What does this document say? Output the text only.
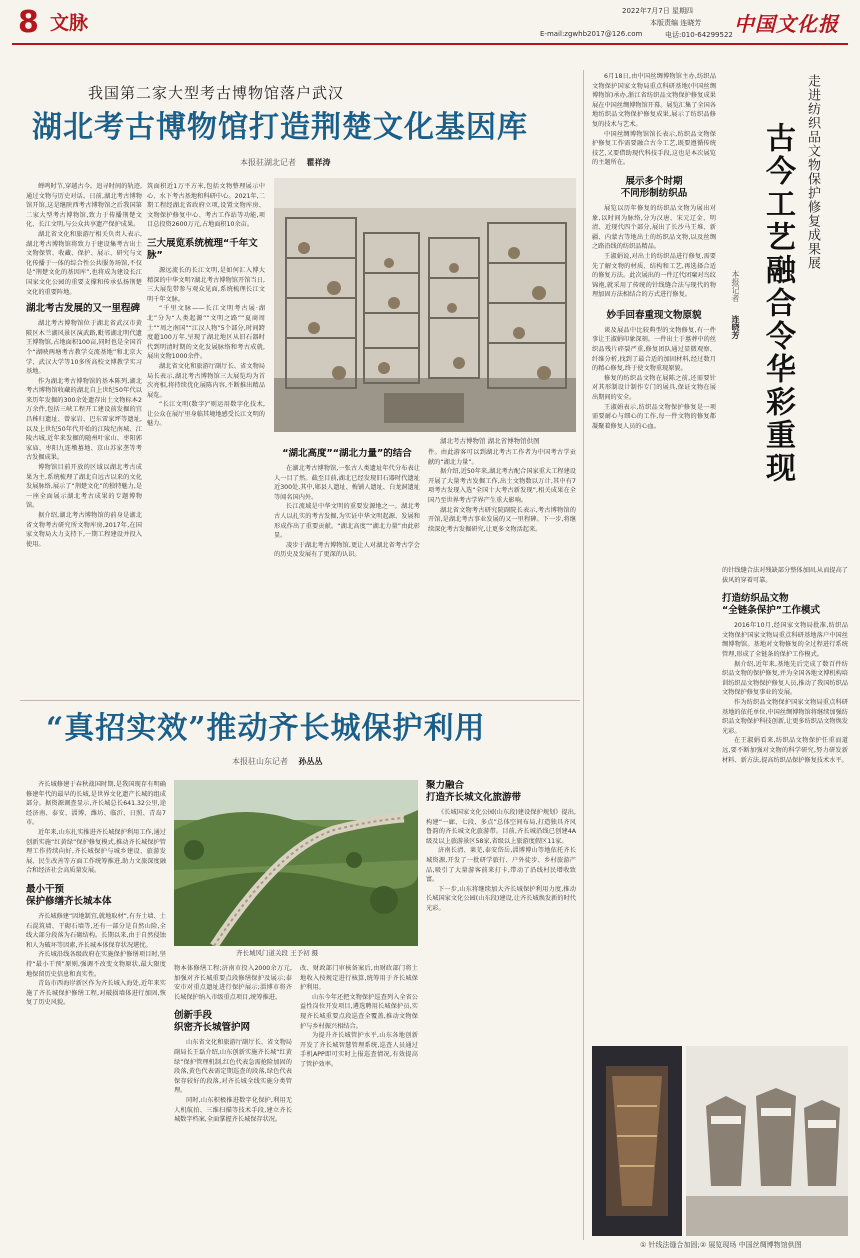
8 文脉
2022年7月7日 星期四
本版责编 连晓芳
E-mail:zgwhb2017@126.com	电话:010-64299522 中国文化报
我国第二家大型考古博物馆落户武汉
湖北考古博物馆打造荆楚文化基因库
本报驻湖北记者 瞿祥涛
蝉鸣时节,穿越古今。追寻时间的轨迹,通过文物与历史对话。日前,湖北考古博物馆开馆,这是继陕西考古博物馆之后我国第二家大型考古博物馆,致力于传播荆楚文化、长江文明,与公众共享遗产保护成果。
湖北省文化和旅游厅相关负责人表示,湖北考古博物馆将致力于建设集考古出土文物保管、收藏、保护、展示、研究与文化传播于一体的综合性公共服务场馆,不仅是“荆楚文化的基因库”,也将成为建设长江国家文化公园的重要支撑和传承弘扬荆楚文化的重要阵地。
湖北考古发展的又一里程碑
湖北考古博物馆位于湖北省武汉市黄陂区木兰湖风景区演武路,毗邻湖北明代遗王博物馆,占地面积100亩,同时也是全国首个“湖映两塘考古教学交流基地”和北京大学、武汉大学等10多所高校文博教学实习基地。
作为湖北考古博物馆的基本陈列,湖北考古博物馆收藏的湖北自上世纪50年代以来历年发掘的300余处遗存出土文物标本2万余件,包括三峡工程开工建设前发掘的宜昌秭归遗址、曾家岩、巴东雷家坪等遗址,以及上世纪50年代开始的江陵纪南城、江陵古城,近年来发掘的随州叶家山、枣阳郭家庙、枣阳九连墩墓地、京山苏家垄等考古发掘成果。
博物馆目前开放的区域以湖北考古成果为主,系统梳理了湖北自远古以来的文化发展脉络,展示了“荆楚文化”的独特魅力,是一座全面展示湖北考古成果的专题博物馆。
据介绍,湖北考古博物馆的前身是湖北省文物考古研究所文物库房,2017年,在国家文物局大力支持下,一期工程建设并投入使用。
筑面积近1万平方米,包括文物整理展示中心、水下考古基地和科研中心。2021年,二期工程经湖北省政府立项,设置文物库房、文物保护修复中心、考古工作站等功能,项目总投资2600万元,占地面积10余亩。
三大展览系统梳理“千年文脉”
源远流长的长江文明,是如何汇入博大精深的中华文明?湖北考古博物馆开馆当日,三大展览带参与观众见面,系统梳理长江文明千年文脉。
“千里文脉——长江文明考古展·湖北”分为“人类起源”“文明之路”“夏商周土”“周之南国”“江汉人物”5个部分,时间跨度超100万年,呈现了湖北地区从旧石器时代到明清时期的文化发展脉络和考古成就,展出文物1000余件。
湖北省文化和旅游厅副厅长、省文物局局长表示,湖北考古博物馆三大展览均为首次亮相,将持续优化展陈内容,不断推出精品展览。
“长江文明(数字)”则运用数字化技术,让公众在展厅里身临其境地感受长江文明的魅力。
湖北考古博物馆 湖北省博物馆供图
“湖北高度”“湖北力量”的结合
在湖北考古博物馆,一张古人类遗址年代分布表让人一目了然。截至目前,湖北已经发现旧石器时代遗址近300处,其中,郧县人遗址、梅铺人遗址、白龙洞遗址等闻名国内外。
长江流域是中华文明的重要发源地之一。湖北考古人以扎实的考古发掘,为实证中华文明起源、发展和形成作出了重要贡献。“湖北高度”“湖北力量”由此彰显。
凌步于湖北考古博物馆,更让人对湖北省考古学会的历史及发展有了更深的认识。
件。由此游客可以到湖北考古工作者为中国考古学贡献的“湖北力量”。
据介绍,近50年来,湖北考古配合国家重大工程建设开展了大量考古发掘工作,出土文物数以万计,其中有7项考古发现入选“全国十大考古新发现”,相关成果在全国乃至世界考古学界产生重大影响。
湖北省文物考古研究院副院长表示,考古博物馆的开馆,是湖北考古事业发展的又一里程碑。下一步,将继续深化考古发掘研究,让更多文物活起来。
“真招实效”推动齐长城保护利用
本报驻山东记者 孙丛丛
齐长城修建于春秋战国时期,是我国现存有明确修建年代的最早的长城,是世界文化遗产长城的组成部分。据资源调查显示,齐长城总长641.32公里,途经济南、泰安、淄博、潍坊、临沂、日照、青岛7市。
近年来,山东扎实推进齐长城保护利用工作,通过创新实施“红黄绿”保护修复模式,推动齐长城保护管理工作持续向好,齐长城保护与城乡建设、旅游发展、民生改善等方面工作统筹推进,助力文旅深度融合和经济社会高质量发展。
最小干预
保护修缮齐长城本体
齐长城修建“因地制宜,就地取材”,有夯土墙、土石混筑墙、干砌石墙等,还有一部分是自然山险,全线大部分段落为石砌结构。长期以来,由于自然侵蚀和人为破坏等因素,齐长城本体保存状况堪忧。
齐长城沿线各级政府在实施保护修缮项目时,坚持“最小干预”原则,强调不改变文物原状,最大限度地保留历史信息和真实性。
青岛市西海岸新区作为齐长城入海处,近年来实施了齐长城保护修缮工程,对破损墙体进行加固,恢复了历史风貌。
齐长城风门道关段 王予初 摄
物本体修缮工程;济南市投入2000余万元,加强对齐长城重要点段修缮保护及展示;泰安市对重点遗址进行保护展示;淄博市将齐长城保护纳入市级重点项目,统筹推进。
创新手段
织密齐长城管护网
山东省文化和旅游厅副厅长、省文物局副局长王磊介绍,山东创新实施齐长城“红黄绿”保护管理机制,红色代表急需抢险加固的段落,黄色代表需定期巡查的段落,绿色代表保存较好的段落,对齐长城全线实施分类管理。
同时,山东积极推进数字化保护,利用无人机航拍、三维扫描等技术手段,建立齐长城数字档案,全面掌握齐长城保存状况。
改、财政部门审核备案后,由财政部门将土地收入按规定进行核算,统筹用于齐长城保护利用。
山东今年还把文物保护巡查列入全省公益性岗位开发项目,遴选聘用长城保护员,实现齐长城重要点段巡查全覆盖,推动文物保护与乡村振兴相结合。
为提升齐长城管护水平,山东各地创新开发了齐长城智慧管理系统,巡查人员通过手机APP即可实时上报巡查情况,有效提高了管护效率。
聚力融合
打造齐长城文化旅游带
《长城国家文化公园(山东段)建设保护规划》提出,构建“一廊、七段、多点”总体空间布局,打造独具齐风鲁韵的齐长城文化旅游带。目前,齐长城沿线已创建4A级及以上旅游景区58家,省级以上旅游度假区11家。
济南长清、莱芜,泰安岱岳,淄博博山等地依托齐长城资源,开发了一批研学旅行、户外徒步、乡村旅游产品,吸引了大量游客前来打卡,带动了沿线村民增收致富。
下一步,山东将继续加大齐长城保护利用力度,推动长城国家文化公园(山东段)建设,让齐长城焕发新的时代光彩。
6月18日,由中国丝绸博物馆主办,纺织品文物保护国家文物局重点科研基地(中国丝绸博物馆)承办,浙江省纺织品文物保护修复成果展在中国丝绸博物馆开幕。展览汇集了全国各地纺织品文物保护修复成果,展示了纺织品修复的技术与艺术。
中国丝绸博物馆馆长表示,纺织品文物保护修复工作需要融合古今工艺,既要遵循传统技艺,又要借助现代科技手段,这也是本次展览的主题所在。
展示多个时期
不同形制纺织品
展览以历年修复的纺织品文物为展出对象,以时间为脉络,分为汉唐、宋元辽金、明清、近现代四个部分,展出了长沙马王堆、新疆、内蒙古等地出土的纺织品文物,以及丝绸之路沿线的纺织品精品。
王淑娟说,对出土的纺织品进行修复,需要先了解文物的材质、结构和工艺,再选择合适的修复方法。此次展出的一件辽代团窠对鸟纹锦袍,就采用了传统的针线缝合法与现代的物理加固方法相结合的方式进行修复。
妙手回春重现文物原貌
谈及展品中比较典型的文物修复,有一件事让王淑娟印象深刻。一件出土于墓葬中的丝织品残片碎裂严重,修复团队通过显微观察、纤维分析,找到了最合适的加固材料,经过数月的精心修复,终于使文物重现原貌。
修复的纺织品文物在展陈之前,还需要针对其形制设计制作专门的展具,保证文物在展出期间的安全。
王淑娟表示,纺织品文物保护修复是一项需要耐心与细心的工作,每一件文物的修复都凝聚着修复人员的心血。
走进纺织品文物保护修复成果展
古今工艺融合令华彩重现
本报记者 连晓芳
的针线缝合法对残缺部分整体加固,从而提高了拔风的穿着可靠。
打造纺织品文物
“全链条保护”工作模式
2016年10月,经国家文物局批准,纺织品文物保护国家文物局重点科研基地落户中国丝绸博物馆。基地对文物修复的全过程进行系统管理,形成了全链条的保护工作模式。
据介绍,近年来,基地先后完成了数百件纺织品文物的保护修复,并为全国各地文博机构培训纺织品文物保护修复人员,推动了我国纺织品文物保护修复事业的发展。
作为纺织品文物保护国家文物局重点科研基地的依托单位,中国丝绸博物馆将继续加强纺织品文物保护科技创新,让更多纺织品文物焕发光彩。
在王淑娟看来,纺织品文物保护任重而道远,要不断加强对文物的科学研究,努力研发新材料、新方法,提高纺织品保护修复技术水平。
① 针线法缝合加固;② 展览现场 中国丝绸博物馆供图
